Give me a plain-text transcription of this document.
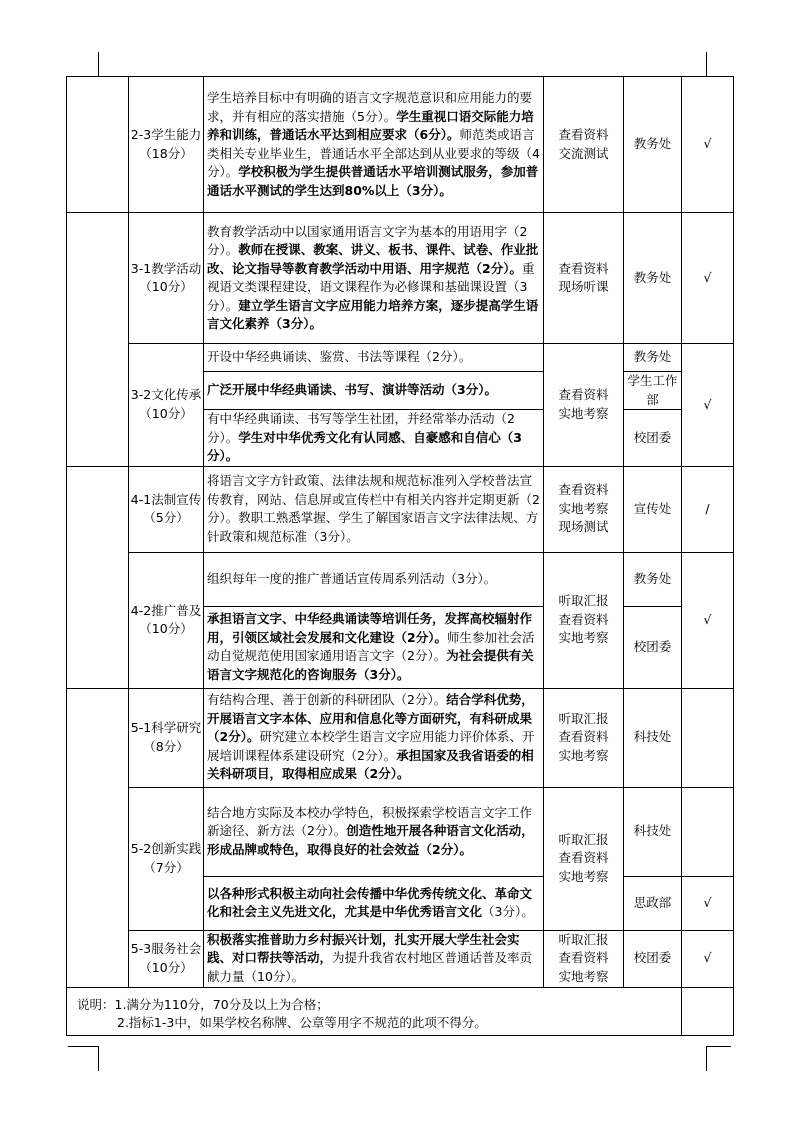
	2-3学生能力
（18分）	学生培养目标中有明确的语言文字规范意识和应用能力的要求，并有相应的落实措施（5分）。学生重视口语交际能力培养和训练，普通话水平达到相应要求（6分）。师范类或语言类相关专业毕业生，普通话水平全部达到从业要求的等级（4分）。学校积极为学生提供普通话水平培训测试服务，参加普通话水平测试的学生达到80%以上（3分）。	查看资料
交流测试	教务处	√

	3-1教学活动
（10分）	教育教学活动中以国家通用语言文字为基本的用语用字（2分）。教师在授课、教案、讲义、板书、课件、试卷、作业批改、论文指导等教育教学活动中用语、用字规范（2分）。重视语文类课程建设，语文课程作为必修课和基础课设置（3分）。建立学生语言文字应用能力培养方案，逐步提高学生语言文化素养（3分）。	查看资料
现场听课	教务处	√
	3-2文化传承
（10分）	开设中华经典诵读、鉴赏、书法等课程（2分）。	查看资料
实地考察	教务处	√
		广泛开展中华经典诵读、书写、演讲等活动（3分）。		学生工作部	
		有中华经典诵读、书写等学生社团，并经常举办活动（2分）。学生对中华优秀文化有认同感、自豪感和自信心（3分）。		校团委	

	4-1法制宣传
（5分）	将语言文字方针政策、法律法规和规范标准列入学校普法宣传教育，网站、信息屏或宣传栏中有相关内容并定期更新（2分）。教职工熟悉掌握、学生了解国家语言文字法律法规、方针政策和规范标准（3分）。	查看资料
实地考察
现场测试	宣传处	/
	4-2推广普及
（10分）	组织每年一度的推广普通话宣传周系列活动（3分）。	听取汇报
查看资料
实地考察	教务处	√
		承担语言文字、中华经典诵读等培训任务，发挥高校辐射作用，引领区域社会发展和文化建设（2分）。师生参加社会活动自觉规范使用国家通用语言文字（2分）。为社会提供有关语言文字规范化的咨询服务（3分）。		校团委	

	5-1科学研究
（8分）	有结构合理、善于创新的科研团队（2分）。结合学科优势，开展语言文字本体、应用和信息化等方面研究，有科研成果（2分）。研究建立本校学生语言文字应用能力评价体系、开展培训课程体系建设研究（2分）。承担国家及我省语委的相关科研项目，取得相应成果（2分）。	听取汇报
查看资料
实地考察	科技处	
	5-2创新实践
（7分）	结合地方实际及本校办学特色，积极探索学校语言文字工作新途径、新方法（2分）。创造性地开展各种语言文化活动，形成品牌或特色，取得良好的社会效益（2分）。	听取汇报
查看资料
实地考察	科技处	
		以各种形式积极主动向社会传播中华优秀传统文化、革命文化和社会主义先进文化，尤其是中华优秀语言文化（3分）。		思政部	√
	5-3服务社会
（10分）	积极落实推普助力乡村振兴计划，扎实开展大学生社会实践、对口帮扶等活动，为提升我省农村地区普通话普及率贡献力量（10分）。	听取汇报
查看资料
实地考察	校团委	√

说明：1.满分为110分，70分及以上为合格；
2.指标1-3中，如果学校名称牌、公章等用字不规范的此项不得分。					
